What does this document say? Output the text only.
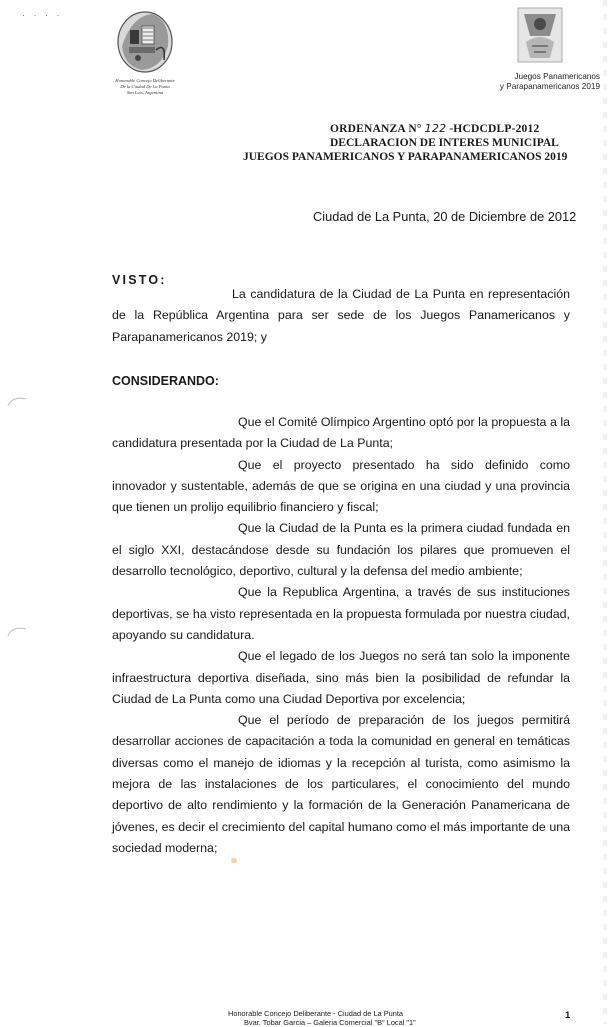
· · · ·
Honorable Concejo Deliberante
De la Ciudad De La Punta
San Luis, Argentina
Juegos Panamericanos
y Parapanamericanos 2019
ORDENANZA N° 122 -HCDCDLP-2012
DECLARACION DE INTERES MUNICIPAL
JUEGOS PANAMERICANOS Y PARAPANAMERICANOS 2019
Ciudad de La Punta, 20 de Diciembre de 2012
VISTO:
La candidatura de la Ciudad de La Punta en representación de la República Argentina para ser sede de los Juegos Panamericanos y Parapanamericanos 2019; y
CONSIDERANDO:

Que el Comité Olímpico Argentino optó por la propuesta a la candidatura presentada por la Ciudad de La Punta;

Que el proyecto presentado ha sido definido como innovador y sustentable, además de que se origina en una ciudad y una provincia que tienen un prolijo equilibrio financiero y fiscal;

Que la Ciudad de la Punta es la primera ciudad fundada en el siglo XXI, destacándose desde su fundación los pilares que promueven el desarrollo tecnológico, deportivo, cultural y la defensa del medio ambiente;

Que la Republica Argentina, a través de sus instituciones deportivas, se ha visto representada en la propuesta formulada por nuestra ciudad, apoyando su candidatura.

Que el legado de los Juegos no será tan solo la imponente infraestructura deportiva diseñada, sino más bien la posibilidad de refundar la Ciudad de La Punta como una Ciudad Deportiva por excelencia;

Que el período de preparación de los juegos permitirá desarrollar acciones de capacitación a toda la comunidad en general en temáticas diversas como el manejo de idiomas y la recepción al turista, como asimismo la mejora de las instalaciones de los particulares, el conocimiento del mundo deportivo de alto rendimiento y la formación de la Generación Panamericana de jóvenes, es decir el crecimiento del capital humano como el más importante de una sociedad moderna;

Honorable Concejo Deliberante - Ciudad de La Punta
Bvar. Tobar Garcia – Galeria Comercial "B" Local "1"
1
